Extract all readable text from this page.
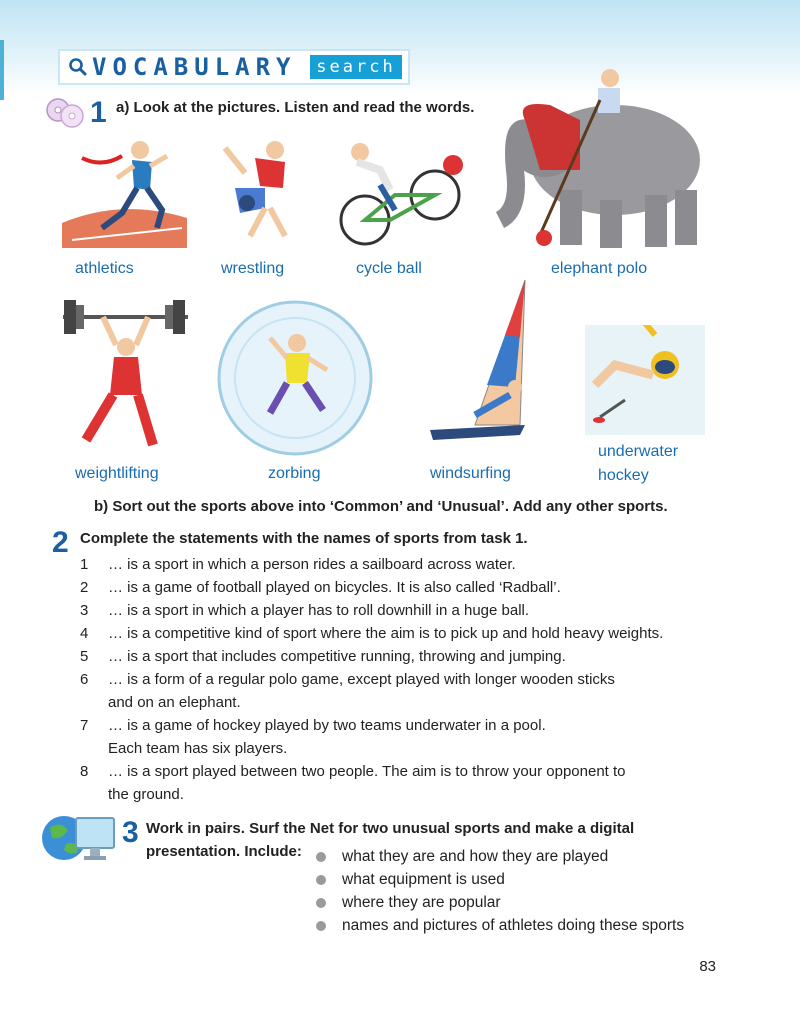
VOCABULARY	search
1 a) Look at the pictures. Listen and read the words.
athletics	wrestling	cycle ball	elephant polo
weightlifting	zorbing	windsurfing
underwater
hockey
b) Sort out the sports above into ‘Common’ and ‘Unusual’. Add any other sports.
2 Complete the statements with the names of sports from task 1.
1	… is a sport in which a person rides a sailboard across water.
2	… is a game of football played on bicycles. It is also called ‘Radball’.
3	… is a sport in which a player has to roll downhill in a huge ball.
4	… is a competitive kind of sport where the aim is to pick up and hold heavy weights.
5	… is a sport that includes competitive running, throwing and jumping.
6	… is a form of a regular polo game, except played with longer wooden sticks
and on an elephant.
7	… is a game of hockey played by two teams underwater in a pool.
Each team has six players.
8	… is a sport played between two people. The aim is to throw your opponent to
the ground.
3 Work in pairs. Surf the Net for two unusual sports and make a digital
presentation. Include:	what they are and how they are played
what equipment is used
where they are popular
names and pictures of athletes doing these sports
83
